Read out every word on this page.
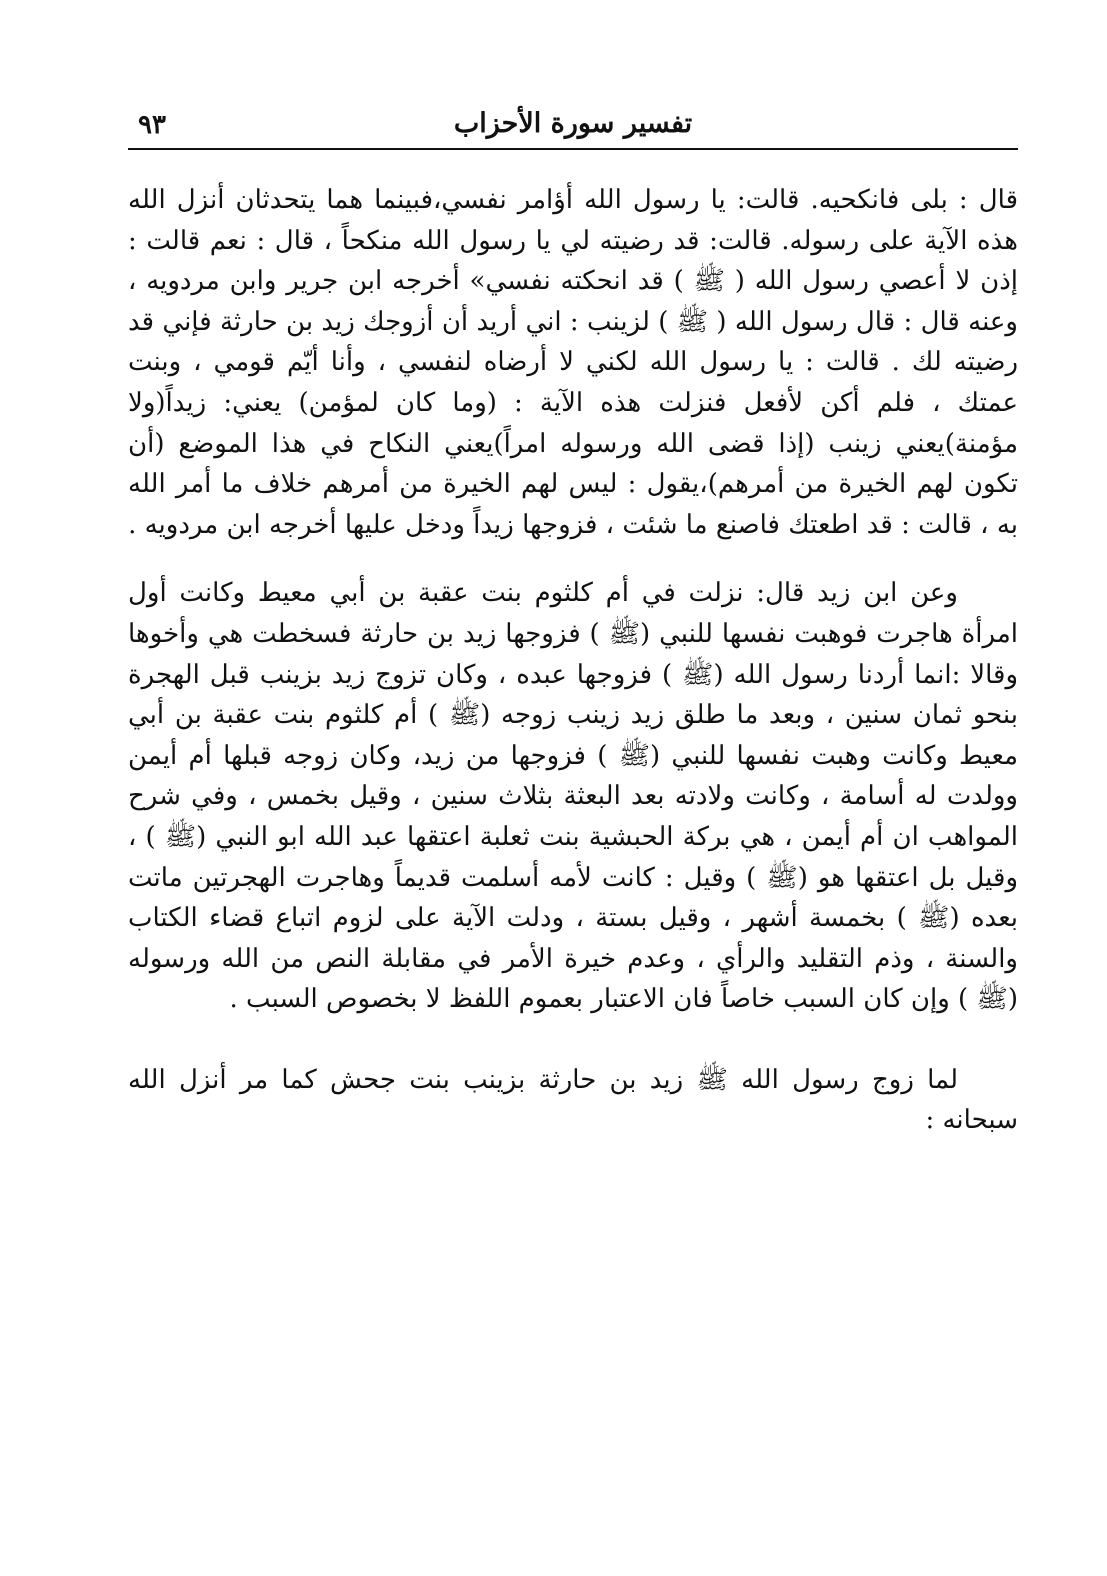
تفسير سورة الأحزاب
٩٣

قال : بلى فانكحيه. قالت: يا رسول الله أؤامر نفسي،فبينما هما يتحدثان أنزل الله هذه الآية على رسوله. قالت: قد رضيته لي يا رسول الله منكحاً ، قال : نعم قالت : إذن لا أعصي رسول الله ( ﷺ ) قد انحكته نفسي» أخرجه ابن جرير وابن مردويه ، وعنه قال : قال رسول الله ( ﷺ ) لزينب : اني أريد أن أزوجك زيد بن حارثة فإني قد رضيته لك . قالت : يا رسول الله لكني لا أرضاه لنفسي ، وأنا أيّم قومي ، وبنت عمتك ، فلم أكن لأفعل فنزلت هذه الآية : (وما كان لمؤمن) يعني: زيداً(ولا مؤمنة)يعني زينب (إذا قضى الله ورسوله امراً)يعني النكاح في هذا الموضع (أن تكون لهم الخيرة من أمرهم)،يقول : ليس لهم الخيرة من أمرهم خلاف ما أمر الله به ، قالت : قد اطعتك فاصنع ما شئت ، فزوجها زيداً ودخل عليها أخرجه ابن مردويه .

وعن ابن زيد قال: نزلت في أم كلثوم بنت عقبة بن أبي معيط وكانت أول امرأة هاجرت فوهبت نفسها للنبي (ﷺ ) فزوجها زيد بن حارثة فسخطت هي وأخوها وقالا :انما أردنا رسول الله (ﷺ ) فزوجها عبده ، وكان تزوج زيد بزينب قبل الهجرة بنحو ثمان سنين ، وبعد ما طلق زيد زينب زوجه (ﷺ ) أم كلثوم بنت عقبة بن أبي معيط وكانت وهبت نفسها للنبي (ﷺ ) فزوجها من زيد، وكان زوجه قبلها أم أيمن وولدت له أسامة ، وكانت ولادته بعد البعثة بثلاث سنين ، وقيل بخمس ، وفي شرح المواهب ان أم أيمن ، هي بركة الحبشية بنت ثعلبة اعتقها عبد الله ابو النبي (ﷺ ) ، وقيل بل اعتقها هو (ﷺ ) وقيل : كانت لأمه أسلمت قديماً وهاجرت الهجرتين ماتت بعده (ﷺ ) بخمسة أشهر ، وقيل بستة ، ودلت الآية على لزوم اتباع قضاء الكتاب والسنة ، وذم التقليد والرأي ، وعدم خيرة الأمر في مقابلة النص من الله ورسوله (ﷺ ) وإن كان السبب خاصاً فان الاعتبار بعموم اللفظ لا بخصوص السبب .

لما زوج رسول الله ﷺ زيد بن حارثة بزينب بنت جحش كما مر أنزل الله سبحانه :
